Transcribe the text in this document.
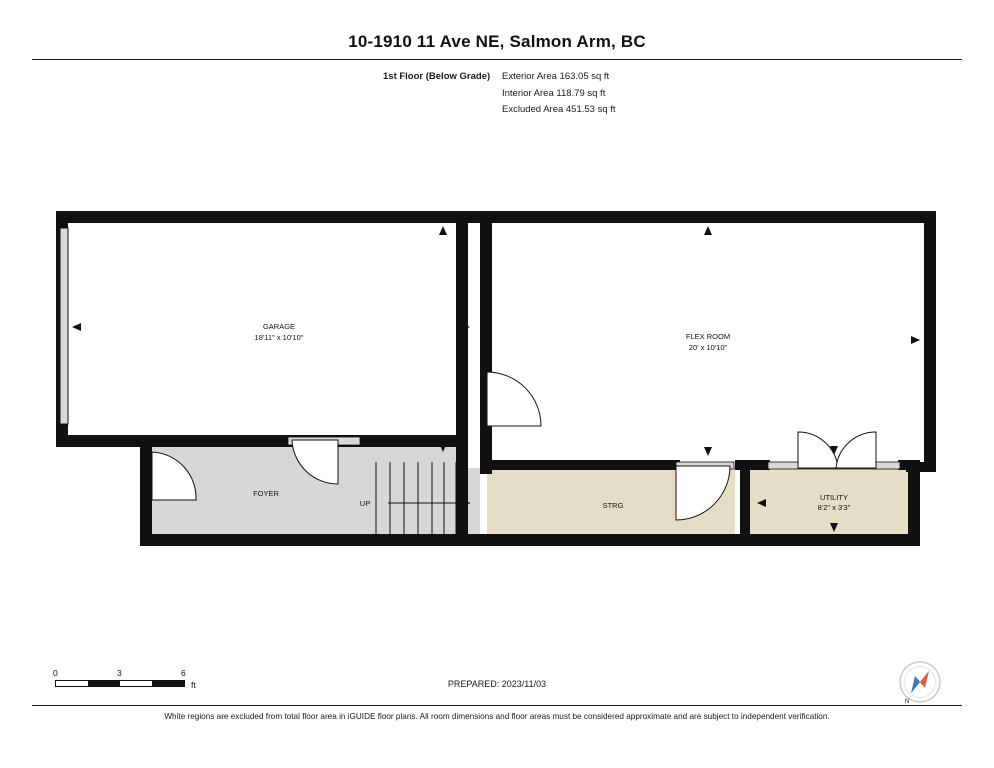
10-1910 11 Ave NE, Salmon Arm, BC
1st Floor (Below Grade) Exterior Area 163.05 sq ft
Interior Area 118.79 sq ft
Excluded Area 451.53 sq ft
GARAGE
18'11" x 10'10"	FLEX ROOM
20' x 10'10"
FOYER
STRG
UTILITY
8'2" x 3'3"
UP
0	3	6
ft	PREPARED: 2023/11/03
N
White regions are excluded from total floor area in iGUIDE floor plans. All room dimensions and floor areas must be considered approximate and are subject to independent verification.
